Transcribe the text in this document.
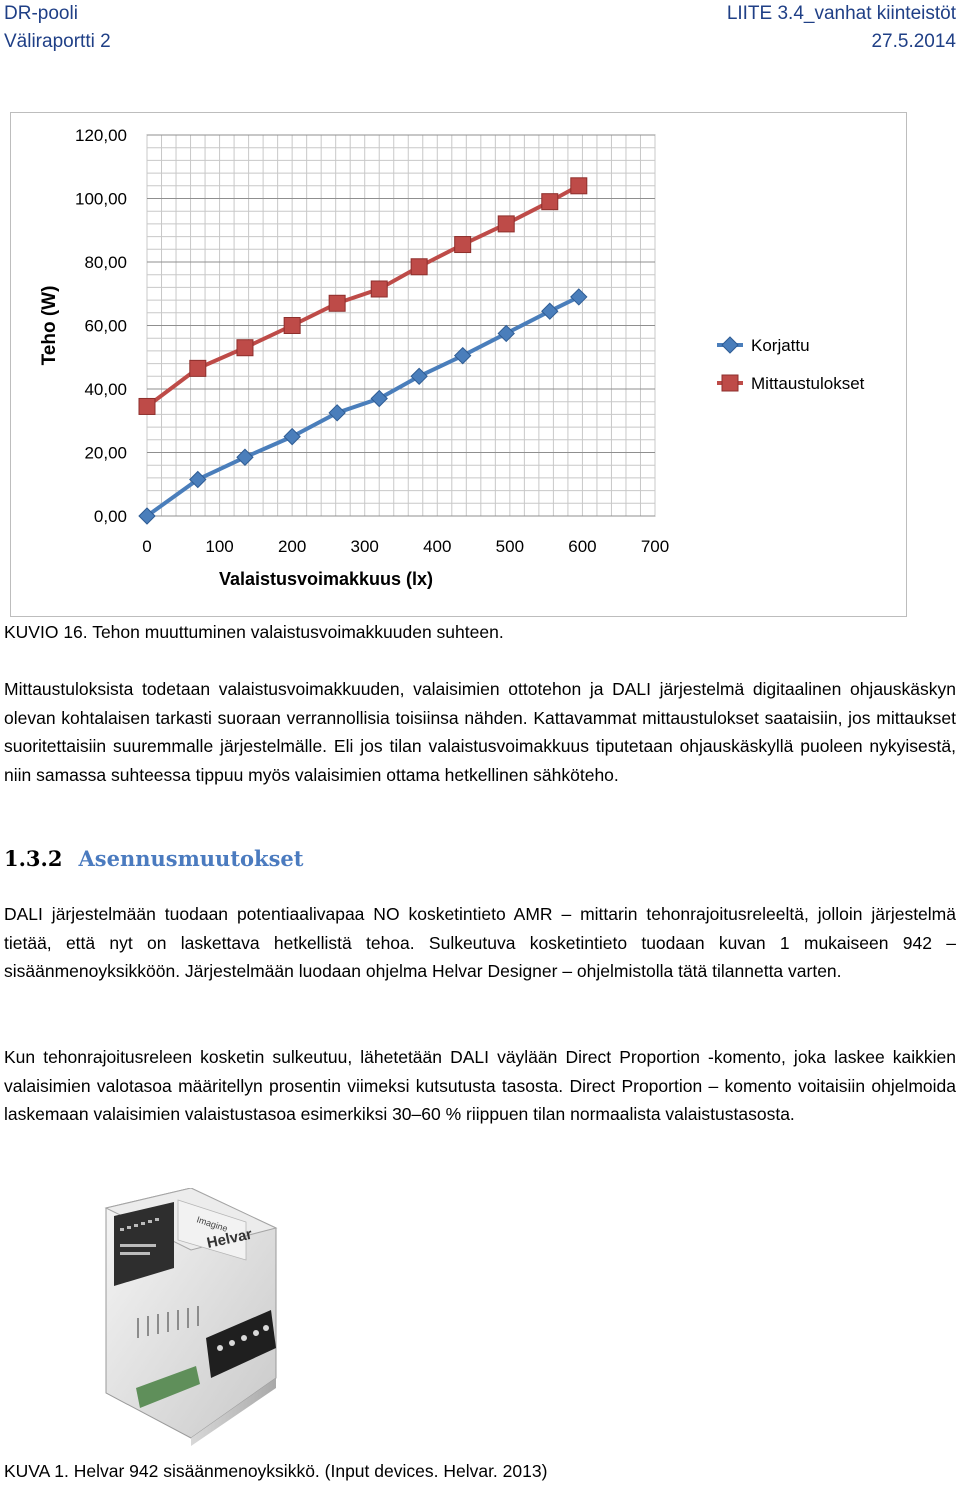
DR-pooli
Väliraportti 2
LIITE 3.4_vanhat kiinteistöt
27.5.2014
0	100	200	300	400	500	600	700
0,00
20,00
40,00
60,00
80,00
100,00
120,00
Valaistusvoimakkuus (lx)
Teho (W)	Korjattu
Mittaustulokset
KUVIO 16. Tehon muuttuminen valaistusvoimakkuuden suhteen.

Mittaustuloksista todetaan valaistusvoimakkuuden, valaisimien ottotehon ja DALI järjestelmä digitaalinen ohjauskäskyn olevan kohtalaisen tarkasti suoraan verrannollisia toisiinsa nähden. Kattavammat mittaustulokset saataisiin, jos mittaukset suoritettaisiin suuremmalle järjestelmälle. Eli jos tilan valaistusvoimakkuus tiputetaan ohjauskäskyllä puoleen nykyisestä, niin samassa suhteessa tippuu myös valaisimien ottama hetkellinen sähköteho.

1.3.2 Asennusmuutokset

DALI järjestelmään tuodaan potentiaalivapaa NO kosketintieto AMR – mittarin tehonrajoitusreleeltä, jolloin järjestelmä tietää, että nyt on laskettava hetkellistä tehoa. Sulkeutuva kosketintieto tuodaan kuvan 1 mukaiseen 942 – sisäänmenoyksikköön. Järjestelmään luodaan ohjelma Helvar Designer – ohjelmistolla tätä tilannetta varten.

Kun tehonrajoitusreleen kosketin sulkeutuu, lähetetään DALI väylään Direct Proportion -komento, joka laskee kaikkien valaisimien valotasoa määritellyn prosentin viimeksi kutsutusta tasosta. Direct Proportion – komento voitaisiin ohjelmoida laskemaan valaisimien valaistustasoa esimerkiksi 30–60 % riippuen tilan normaalista valaistustasosta.

Imagine
Helvar
KUVA 1. Helvar 942 sisäänmenoyksikkö. (Input devices. Helvar. 2013)
